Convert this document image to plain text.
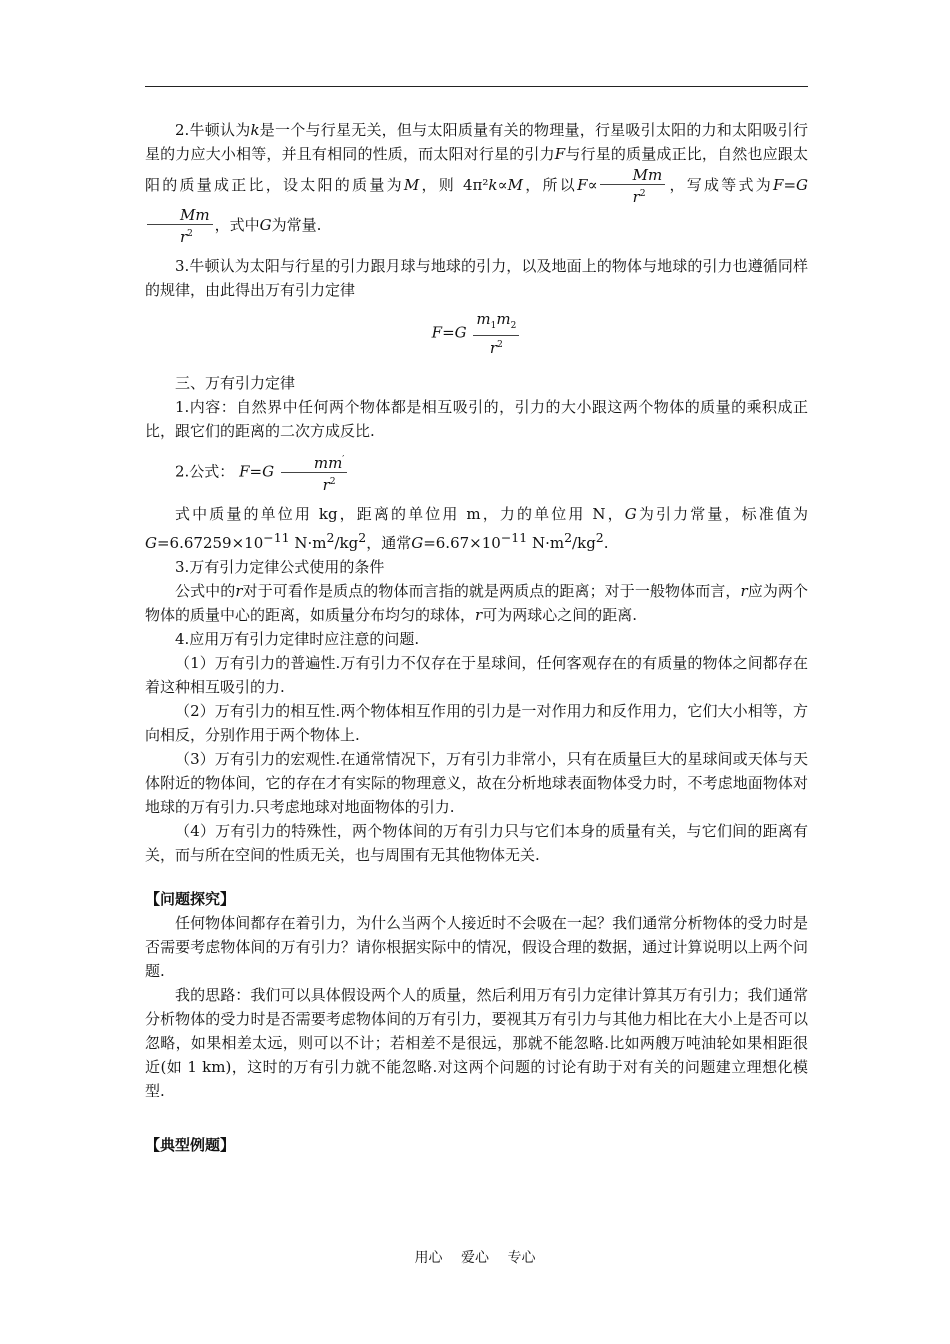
2.牛顿认为k是一个与行星无关，但与太阳质量有关的物理量，行星吸引太阳的力和太阳吸引行星的力应大小相等，并且有相同的性质，而太阳对行星的引力F与行星的质量成正比，自然也应跟太阳的质量成正比，设太阳的质量为M，则 4π²k∝M，所以$F\propto \frac{Mm}{r^2}$ ，写成等式为F=G
$\frac{Mm}{r^2}$ ，式中G为常量.

3.牛顿认为太阳与行星的引力跟月球与地球的引力，以及地面上的物体与地球的引力也遵循同样的规律，由此得出万有引力定律

$F=G \frac{m_1m_2}{r^2}$

三、万有引力定律

1.内容：自然界中任何两个物体都是相互吸引的，引力的大小跟这两个物体的质量的乘积成正比，跟它们的距离的二次方成反比.

2.公式： $F=G \frac{mm'}{r^2}$

式中质量的单位用 kg，距离的单位用 m，力的单位用 N，G为引力常量，标准值为$G=6.67259\times 10^{-11}$ $N\cdot m^2/kg^2$，通常$G=6.67\times 10^{-11}$ $N\cdot m^2/kg^2$.

3.万有引力定律公式使用的条件

公式中的r对于可看作是质点的物体而言指的就是两质点的距离；对于一般物体而言，r应为两个物体的质量中心的距离，如质量分布均匀的球体，r可为两球心之间的距离.

4.应用万有引力定律时应注意的问题.

（1）万有引力的普遍性.万有引力不仅存在于星球间，任何客观存在的有质量的物体之间都存在着这种相互吸引的力.

（2）万有引力的相互性.两个物体相互作用的引力是一对作用力和反作用力，它们大小相等，方向相反，分别作用于两个物体上.

（3）万有引力的宏观性.在通常情况下，万有引力非常小，只有在质量巨大的星球间或天体与天体附近的物体间，它的存在才有实际的物理意义，故在分析地球表面物体受力时，不考虑地面物体对地球的万有引力.只考虑地球对地面物体的引力.

（4）万有引力的特殊性，两个物体间的万有引力只与它们本身的质量有关，与它们间的距离有关，而与所在空间的性质无关，也与周围有无其他物体无关.

【问题探究】

任何物体间都存在着引力，为什么当两个人接近时不会吸在一起？我们通常分析物体的受力时是否需要考虑物体间的万有引力？请你根据实际中的情况，假设合理的数据，通过计算说明以上两个问题.

我的思路：我们可以具体假设两个人的质量，然后利用万有引力定律计算其万有引力；我们通常分析物体的受力时是否需要考虑物体间的万有引力，要视其万有引力与其他力相比在大小上是否可以忽略，如果相差太远，则可以不计；若相差不是很远，那就不能忽略.比如两艘万吨油轮如果相距很近(如 1 km)，这时的万有引力就不能忽略.对这两个问题的讨论有助于对有关的问题建立理想化模型.

【典型例题】

用心 爱心 专心
